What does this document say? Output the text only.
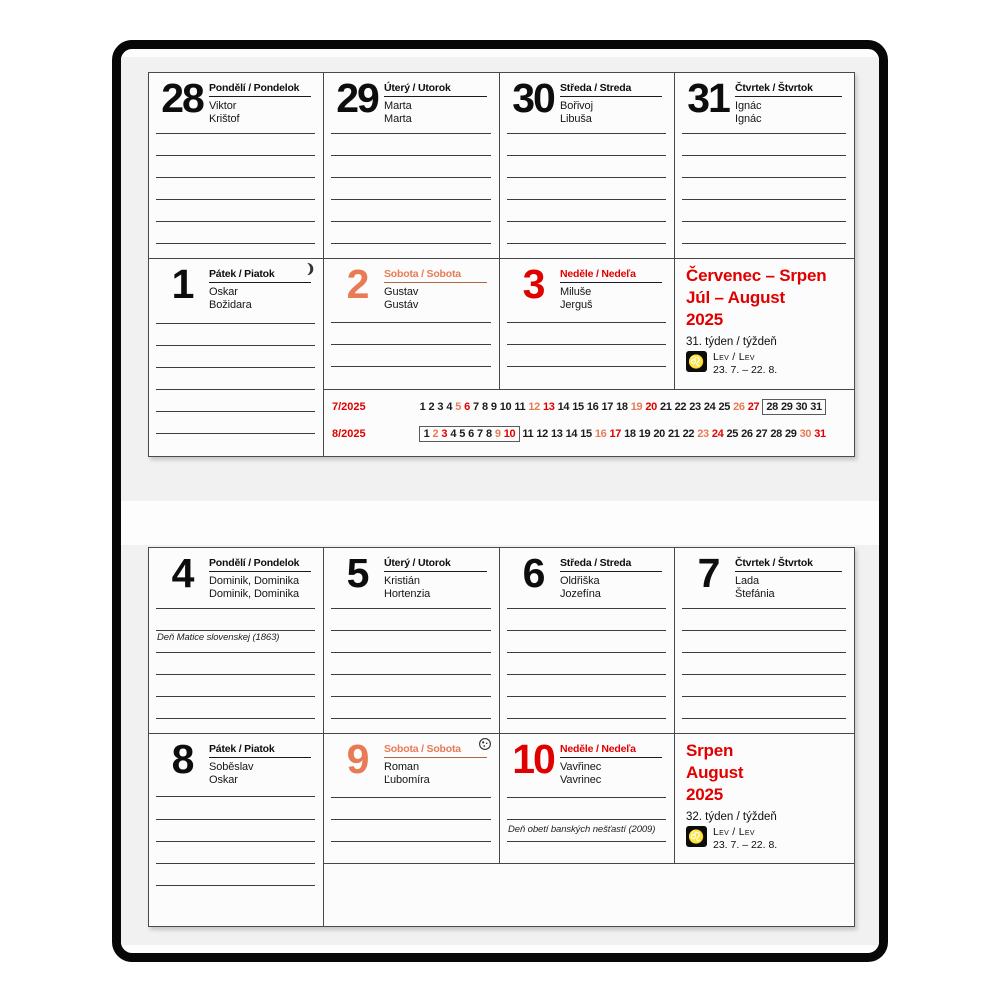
28 Pondělí / Pondelok
Viktor
Krištof	29 Úterý / Utorok
Marta
Marta	30 Středa / Streda
Bořivoj
Libuša	31 Čtvrtek / Štvrtok
Ignác
Ignác
1	Pátek / Piatok
Oskar
Božidara	2	Sobota / Sobota
Gustav
Gustáv	3	Neděle / Nedeľa
Miluše
Jerguš
Červenec – Srpen
Júl – August
2025
31. týden / týždeň
♌ Lev / Lev
23. 7. – 22. 8.
7/2025	1 2 3 4 5 6 7 8 9 10 11 12 13 14 15 16 17 18 19 20 21 22 23 24 25 26 27 28 29 30 31
8/2025	1 2 3 4 5 6 7 8 9 10 11 12 13 14 15 16 17 18 19 20 21 22 23 24 25 26 27 28 29 30 31
4	Pondělí / Pondelok
Dominik, Dominika
Dominik, Dominika
Deň Matice slovenskej (1863)
5	Úterý / Utorok
Kristián
Hortenzia	6	Středa / Streda
Oldřiška
Jozefína	7	Čtvrtek / Štvrtok
Lada
Štefánia
8	Pátek / Piatok
Soběslav
Oskar	9	Sobota / Sobota
Roman
Ľubomíra	10 Neděle / Nedeľa
Vavřinec
Vavrinec
Deň obetí banských nešťastí (2009)
Srpen
August
2025
32. týden / týždeň
♌ Lev / Lev
23. 7. – 22. 8.
